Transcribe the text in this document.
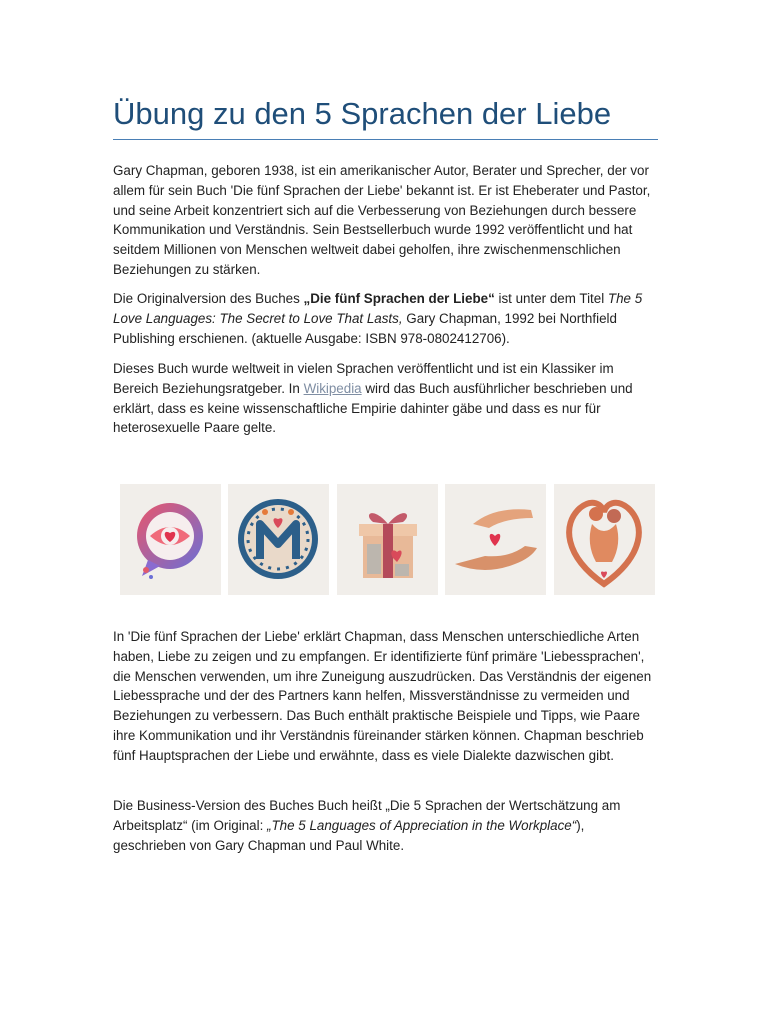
Übung zu den 5 Sprachen der Liebe

Gary Chapman, geboren 1938, ist ein amerikanischer Autor, Berater und Sprecher, der vor allem für sein Buch 'Die fünf Sprachen der Liebe' bekannt ist. Er ist Eheberater und Pastor, und seine Arbeit konzentriert sich auf die Verbesserung von Beziehungen durch bessere Kommunikation und Verständnis. Sein Bestsellerbuch wurde 1992 veröffentlicht und hat seitdem Millionen von Menschen weltweit dabei geholfen, ihre zwischenmenschlichen Beziehungen zu stärken.

Die Originalversion des Buches „Die fünf Sprachen der Liebe“ ist unter dem Titel The 5 Love Languages: The Secret to Love That Lasts, Gary Chapman, 1992 bei Northfield Publishing erschienen. (aktuelle Ausgabe: ISBN 978-0802412706).

Dieses Buch wurde weltweit in vielen Sprachen veröffentlicht und ist ein Klassiker im Bereich Beziehungsratgeber. In Wikipedia wird das Buch ausführlicher beschrieben und erklärt, dass es keine wissenschaftliche Empirie dahinter gäbe und dass es nur für heterosexuelle Paare gelte.

In 'Die fünf Sprachen der Liebe' erklärt Chapman, dass Menschen unterschiedliche Arten haben, Liebe zu zeigen und zu empfangen. Er identifizierte fünf primäre 'Liebessprachen', die Menschen verwenden, um ihre Zuneigung auszudrücken. Das Verständnis der eigenen Liebessprache und der des Partners kann helfen, Missverständnisse zu vermeiden und Beziehungen zu verbessern. Das Buch enthält praktische Beispiele und Tipps, wie Paare ihre Kommunikation und ihr Verständnis füreinander stärken können. Chapman beschrieb fünf Hauptsprachen der Liebe und erwähnte, dass es viele Dialekte dazwischen gibt.

Die Business-Version des Buches Buch heißt „Die 5 Sprachen der Wertschätzung am Arbeitsplatz“ (im Original: „The 5 Languages of Appreciation in the Workplace“), geschrieben von Gary Chapman und Paul White.
